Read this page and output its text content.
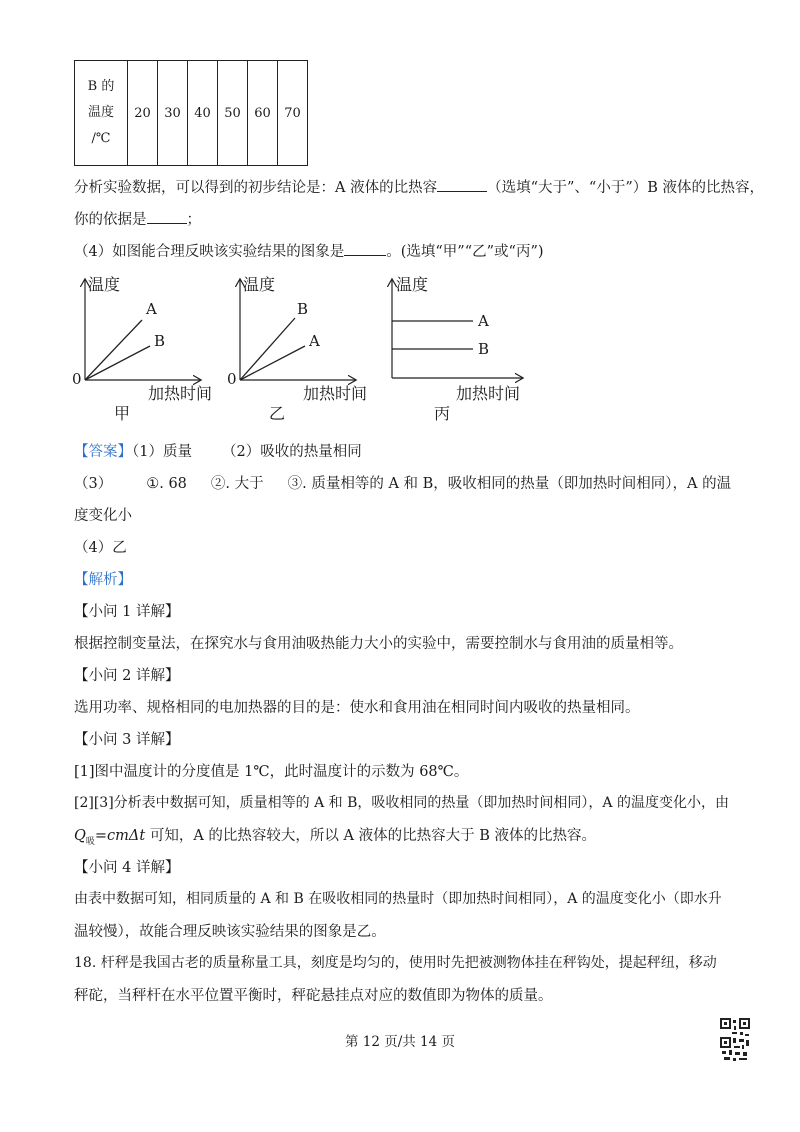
B 的
温度
/℃
	20	30	40	50	60	70
分析实验数据，可以得到的初步结论是：A 液体的比热容	（选填“大于”、“小于”）B 液体的比热容，
你的依据是	；
（4）如图能合理反映该实验结果的图象是	。(选填“甲”“乙”或“丙”)
温度
A
B
0
加热时间
甲
温度
B
A
0
加热时间
乙
温度
A
B
加热时间
丙
【答案】（1）质量 （2）吸收的热量相同
（3） ①. 68 ②. 大于 ③. 质量相等的 A 和 B，吸收相同的热量（即加热时间相同），A 的温
度变化小
（4）乙
【解析】
【小问 1 详解】
根据控制变量法，在探究水与食用油吸热能力大小的实验中，需要控制水与食用油的质量相等。
【小问 2 详解】
选用功率、规格相同的电加热器的目的是：使水和食用油在相同时间内吸收的热量相同。
【小问 3 详解】
[1]图中温度计的分度值是 1℃，此时温度计的示数为 68℃。
[2][3]分析表中数据可知，质量相等的 A 和 B，吸收相同的热量（即加热时间相同），A 的温度变化小，由
$Q_吸=cm\Delta t$ 可知，A 的比热容较大，所以 A 液体的比热容大于 B 液体的比热容。
【小问 4 详解】
由表中数据可知，相同质量的 A 和 B 在吸收相同的热量时（即加热时间相同），A 的温度变化小（即水升
温较慢），故能合理反映该实验结果的图象是乙。
18. 杆秤是我国古老的质量称量工具，刻度是均匀的，使用时先把被测物体挂在秤钩处，提起秤纽，移动
秤砣，当秤杆在水平位置平衡时，秤砣悬挂点对应的数值即为物体的质量。
第 12 页/共 14 页
